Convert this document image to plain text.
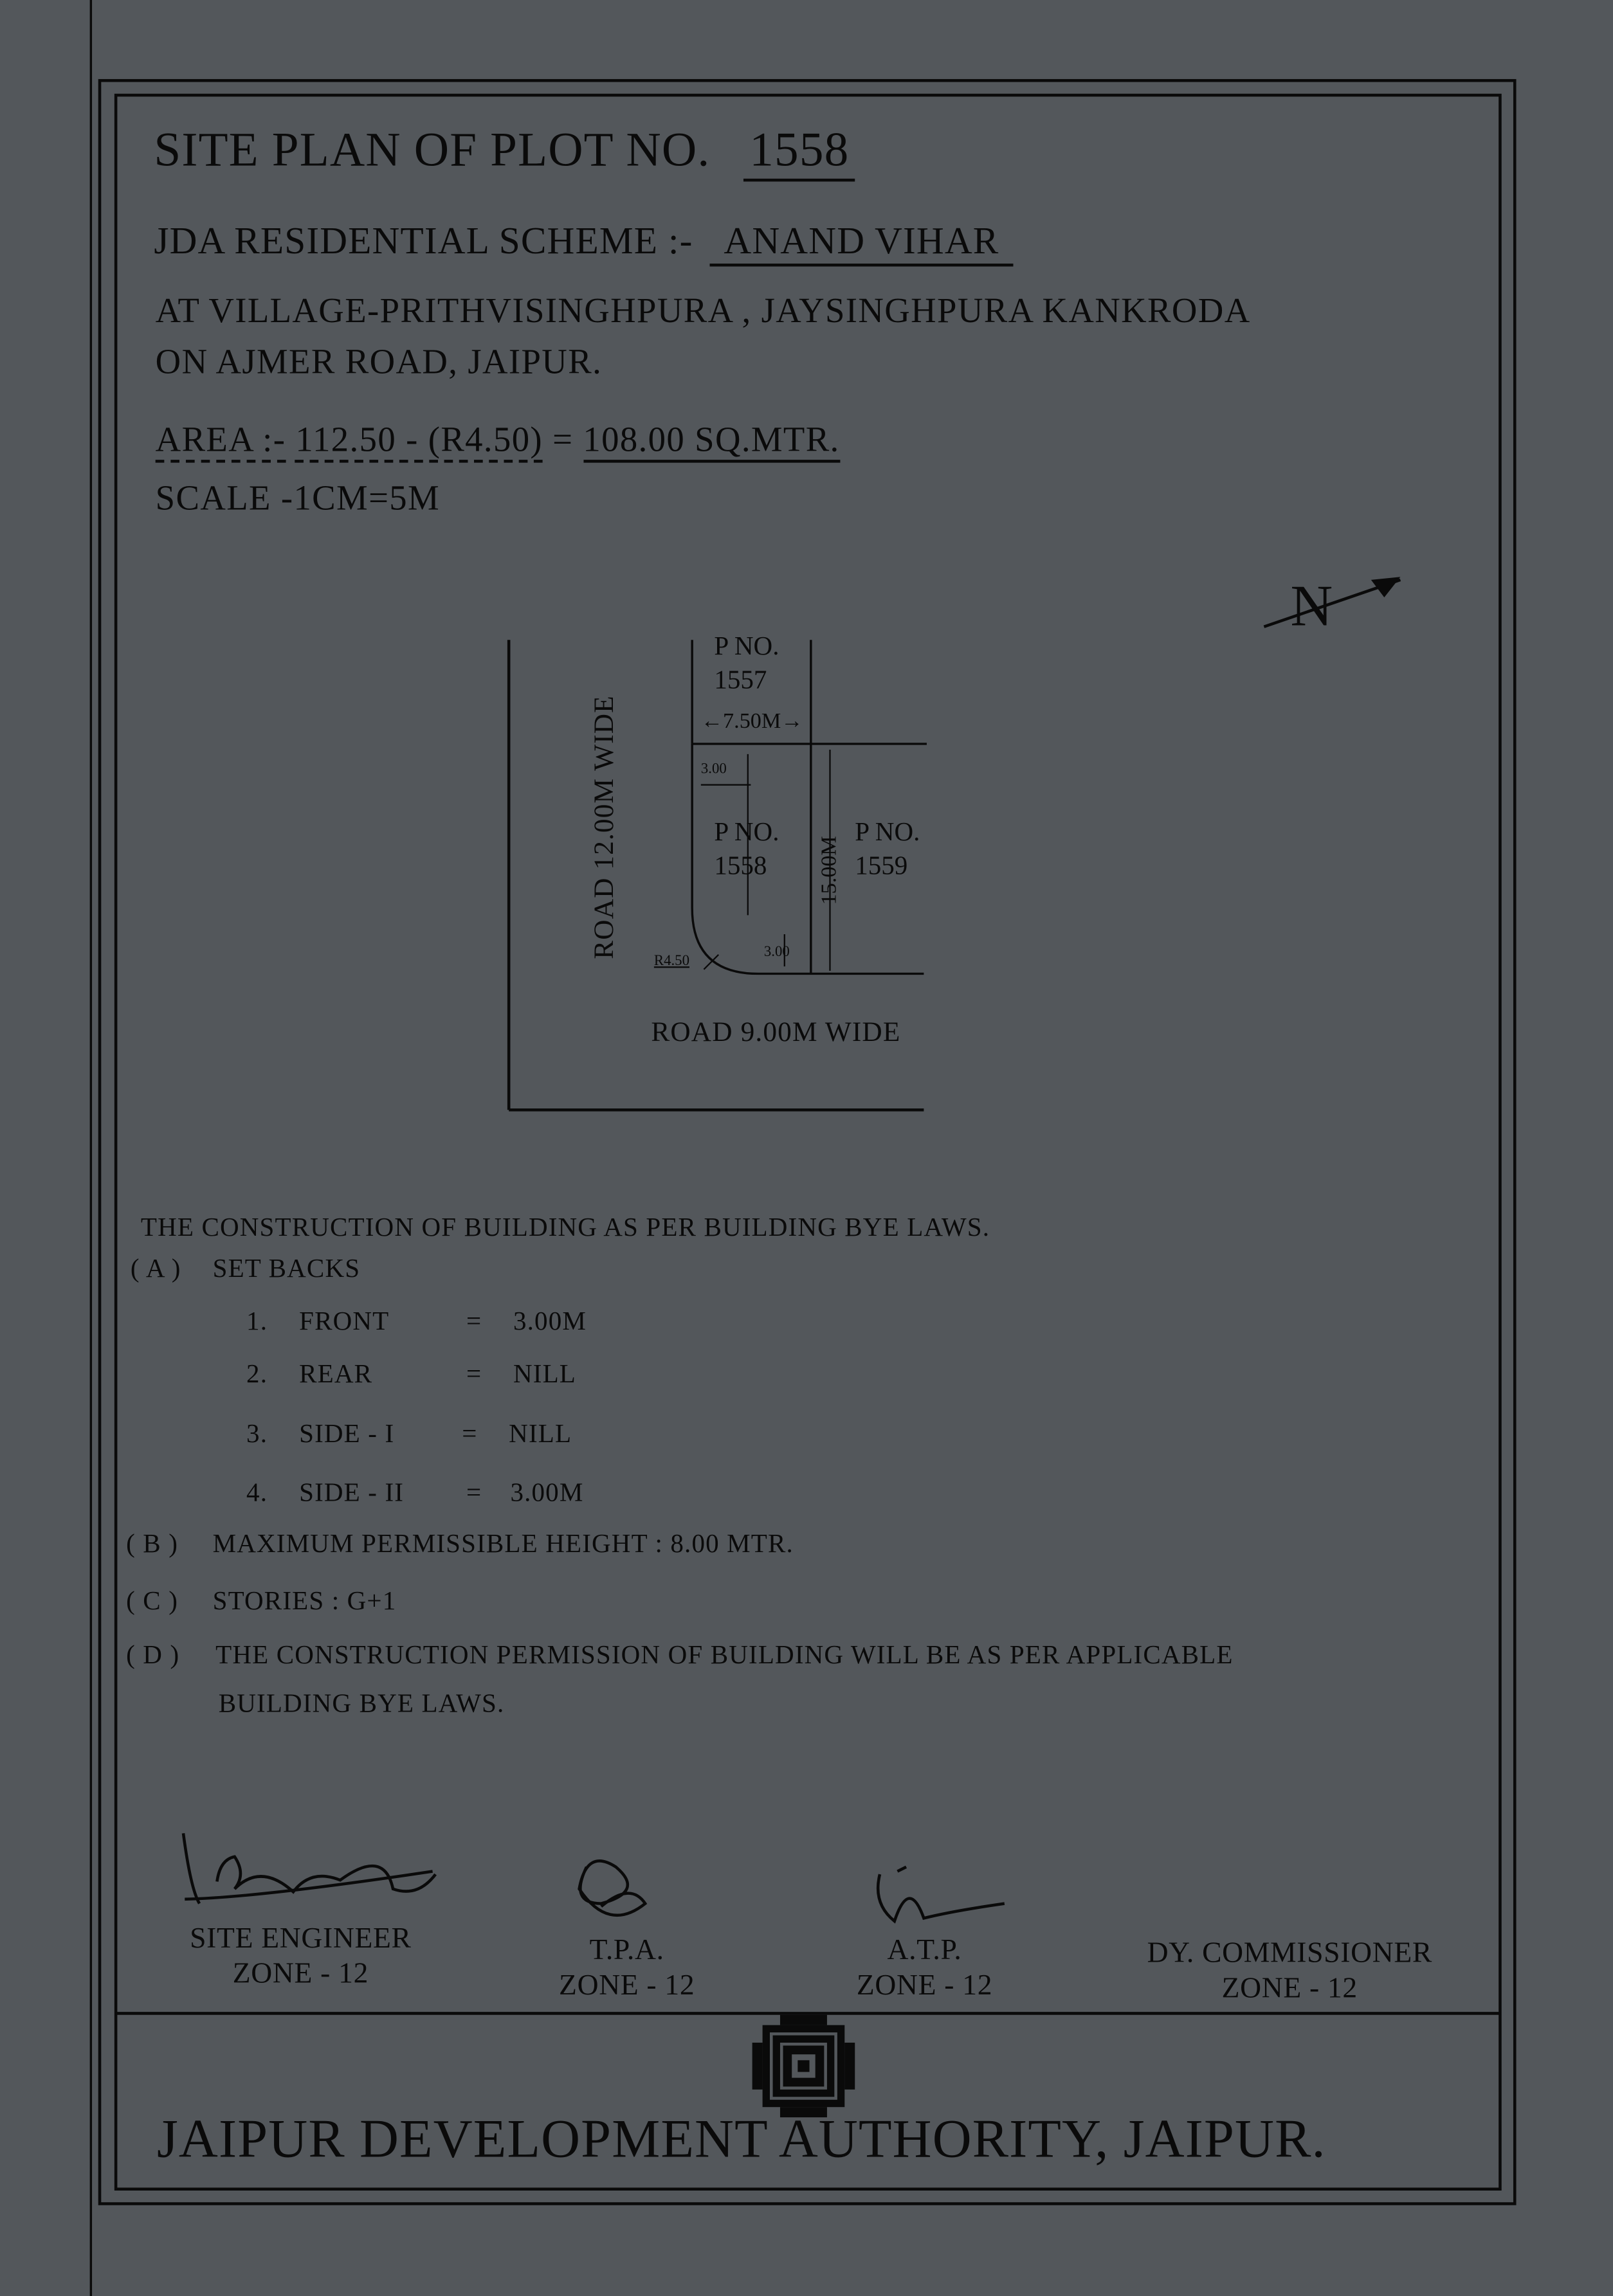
SITE PLAN OF PLOT NO. 1558
JDA RESIDENTIAL SCHEME :- ANAND VIHAR
AT VILLAGE-PRITHVISINGHPURA , JAYSINGHPURA KANKRODA
ON AJMER ROAD, JAIPUR.
AREA :- 112.50 - (R4.50) = 108.00 SQ.MTR.
SCALE -1CM=5M
N
ROAD 12.00M WIDE
P NO.
1557
←7.50M→
3.00
P NO.
1558	15.00M
P NO.
1559
R4.50
3.00
ROAD 9.00M WIDE
THE CONSTRUCTION OF BUILDING AS PER BUILDING BYE LAWS.
( A )	SET BACKS
1.	FRONT	=	3.00M
2.	REAR	=	NILL
3.	SIDE - I	=	NILL
4.	SIDE - II	= 3.00M
( B )	MAXIMUM PERMISSIBLE HEIGHT : 8.00 MTR.
( C )	STORIES : G+1
( D )	THE CONSTRUCTION PERMISSION OF BUILDING WILL BE AS PER APPLICABLE
BUILDING BYE LAWS.
SITE ENGINEER
ZONE - 12
T.P.A.
ZONE - 12
A.T.P.
ZONE - 12
DY. COMMISSIONER
ZONE - 12
JAIPUR DEVELOPMENT AUTHORITY, JAIPUR.
